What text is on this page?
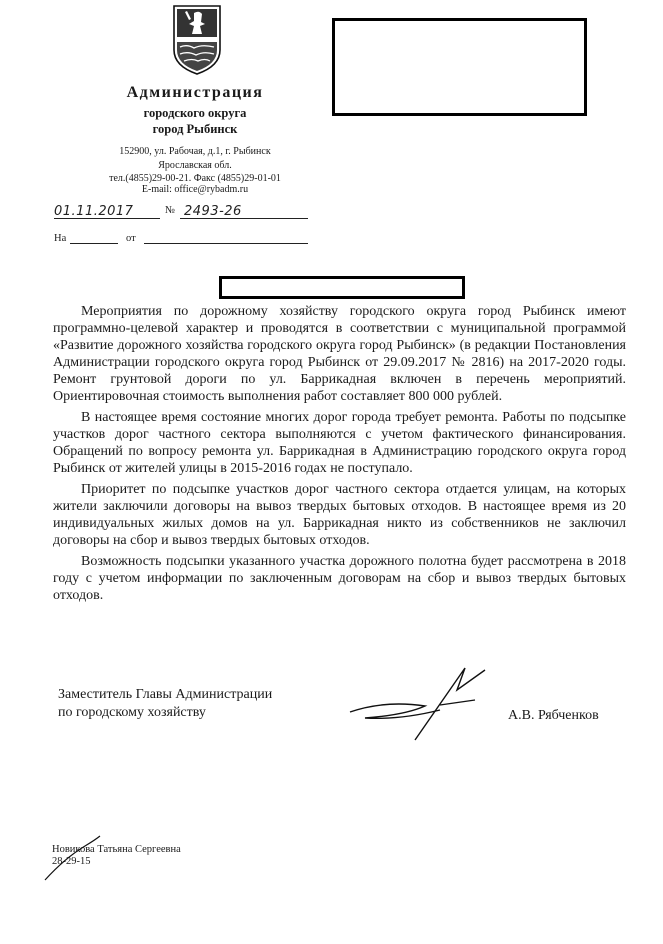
Администрация
городского округа
город Рыбинск
152900, ул. Рабочая, д.1, г. Рыбинск
Ярославская обл.
тел.(4855)29-00-21. Факс (4855)29-01-01
E-mail: office@rybadm.ru
01.11.2017	№ 2493-26
На	от

Мероприятия по дорожному хозяйству городского округа город Рыбинск имеют программно-целевой характер и проводятся в соответствии с муниципальной программой «Развитие дорожного хозяйства городского округа город Рыбинск» (в редакции Постановления Администрации городского округа город Рыбинск от 29.09.2017 № 2816) на 2017-2020 годы. Ремонт грунтовой дороги по ул. Баррикадная включен в перечень мероприятий. Ориентировочная стоимость выполнения работ составляет 800 000 рублей.

В настоящее время состояние многих дорог города требует ремонта. Работы по подсыпке участков дорог частного сектора выполняются с учетом фактического финансирования. Обращений по вопросу ремонта ул. Баррикадная в Администрацию городского округа город Рыбинск от жителей улицы в 2015-2016 годах не поступало.

Приоритет по подсыпке участков дорог частного сектора отдается улицам, на которых жители заключили договоры на вывоз твердых бытовых отходов. В настоящее время из 20 индивидуальных жилых домов на ул. Баррикадная никто из собственников не заключил договоры на сбор и вывоз твердых бытовых отходов.

Возможность подсыпки указанного участка дорожного полотна будет рассмотрена в 2018 году с учетом информации по заключенным договорам на сбор и вывоз твердых бытовых отходов.

Заместитель Главы Администрации
по городскому хозяйству	А.В. Рябченков
Новикова Татьяна Сергеевна
28-29-15
